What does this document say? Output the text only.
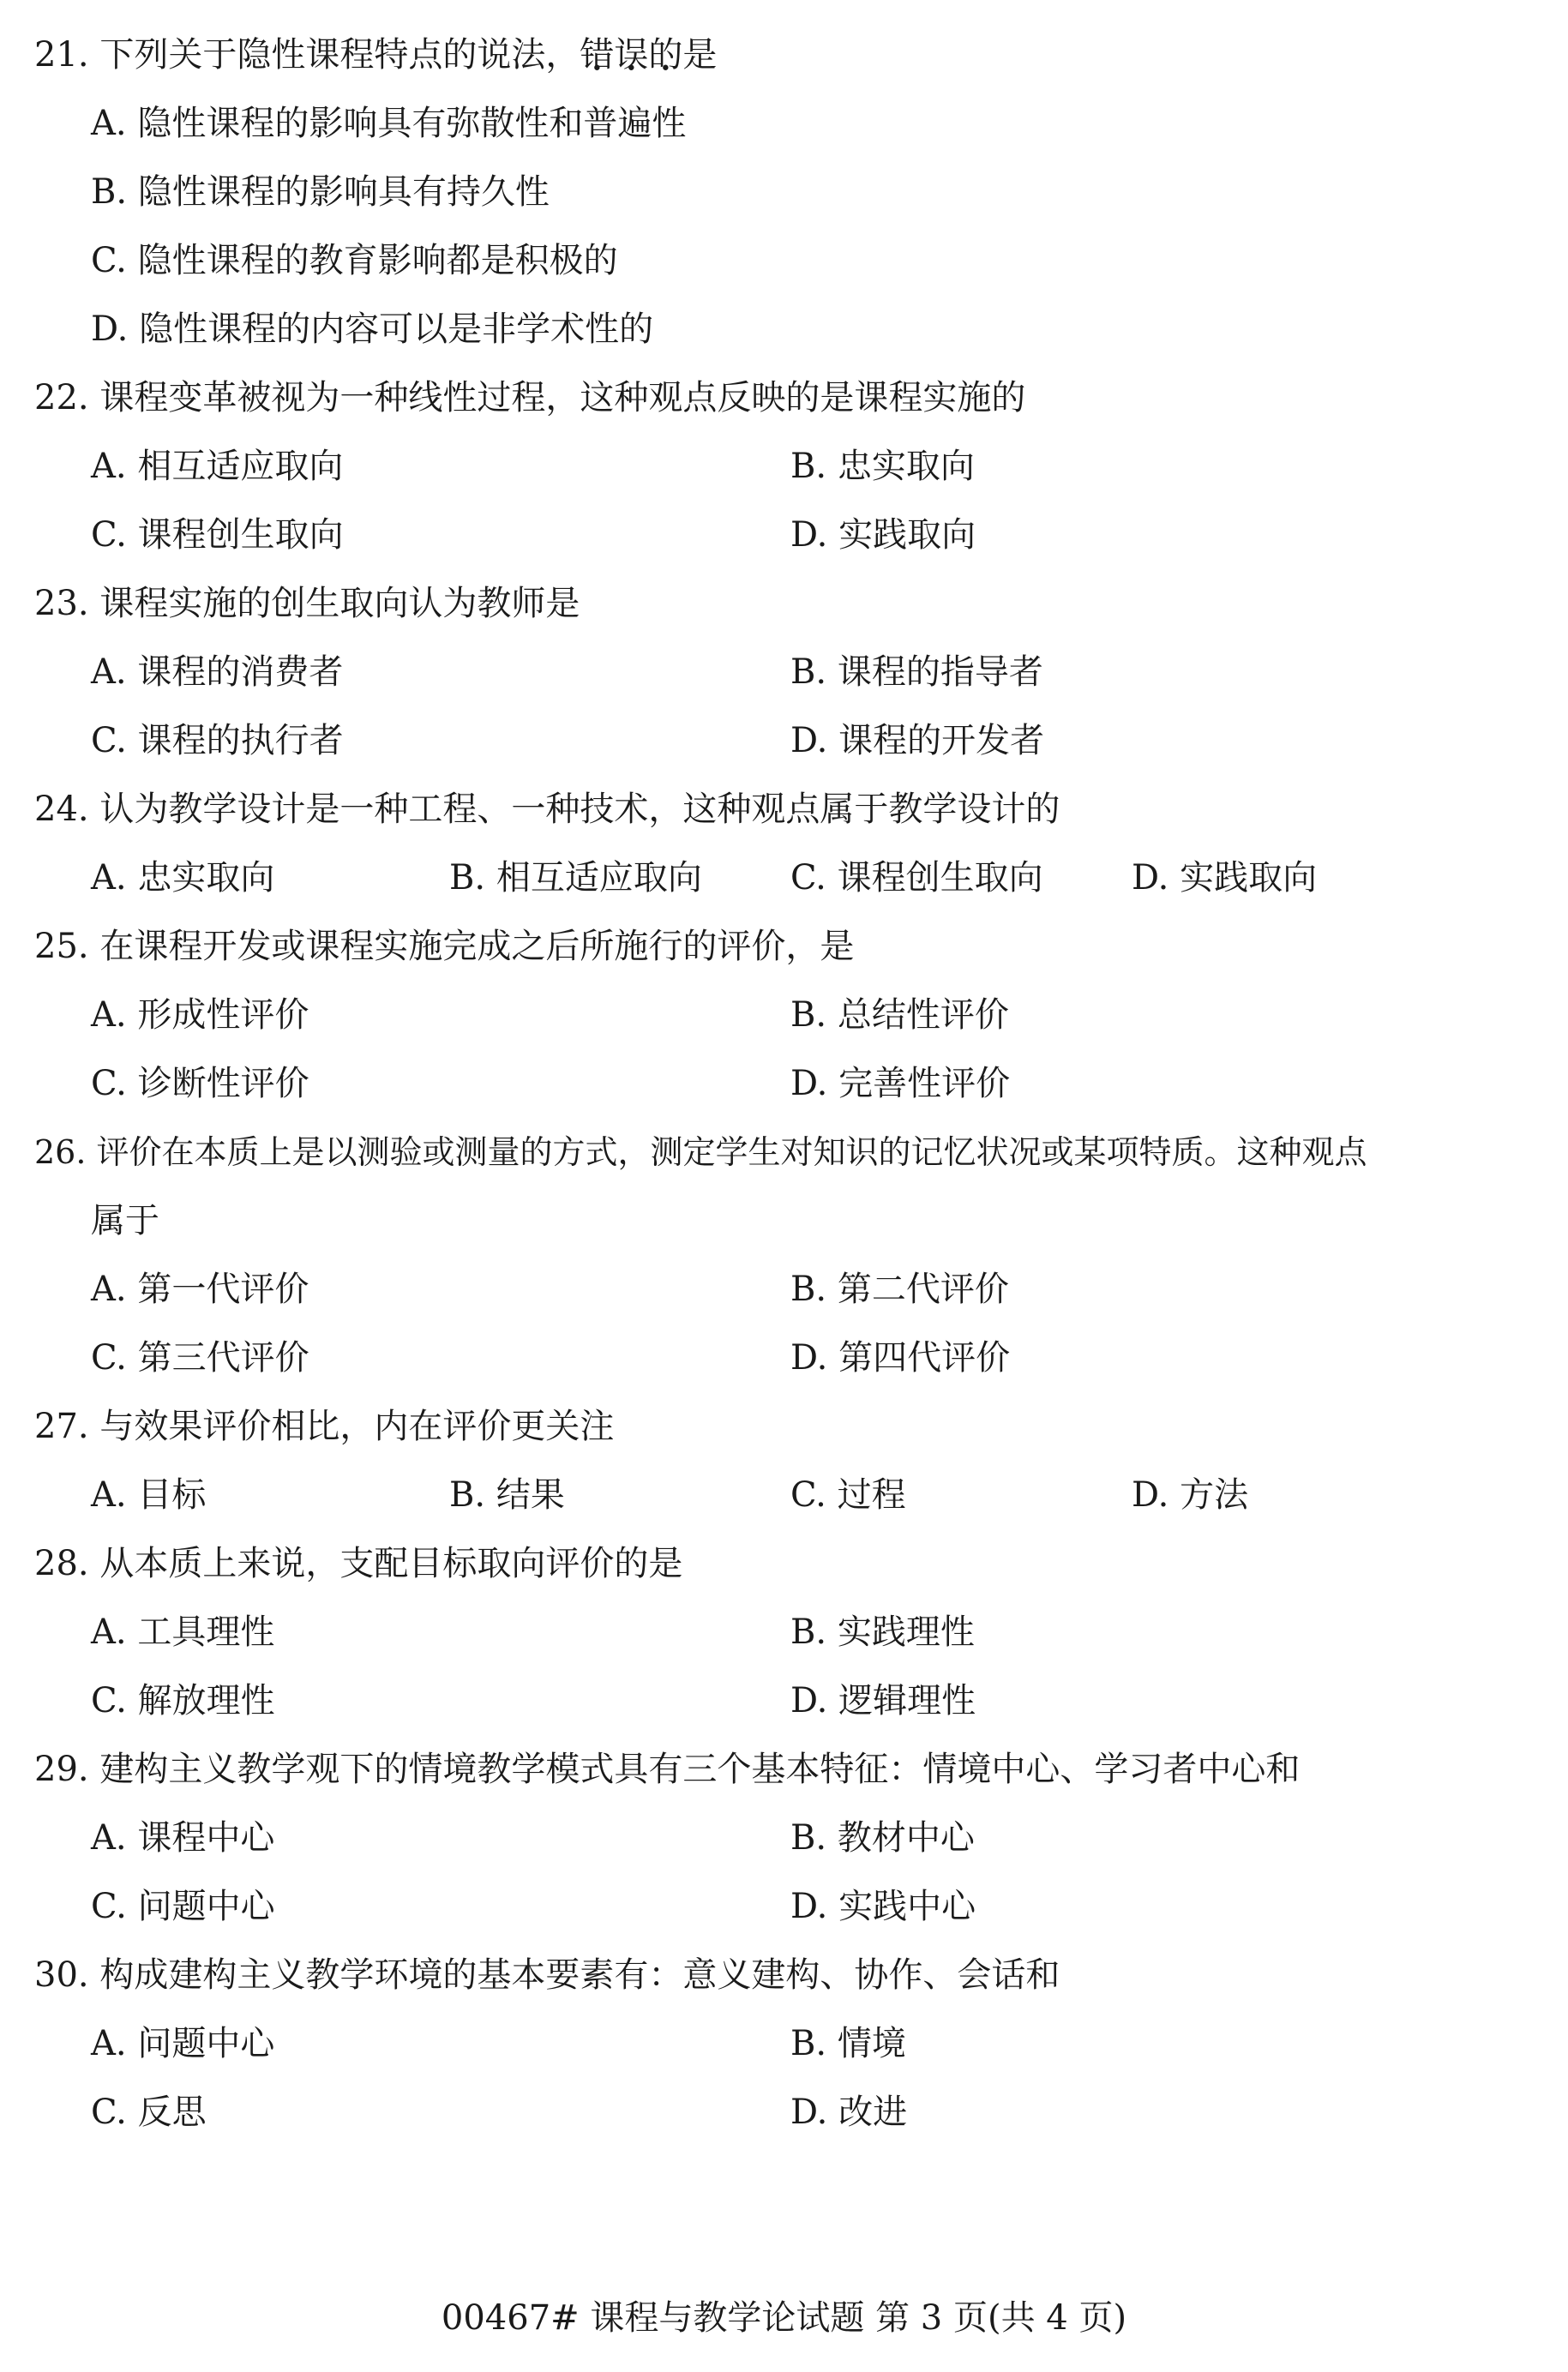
21. 下列关于隐性课程特点的说法，错误的是
A. 隐性课程的影响具有弥散性和普遍性
B. 隐性课程的影响具有持久性
C. 隐性课程的教育影响都是积极的
D. 隐性课程的内容可以是非学术性的
22. 课程变革被视为一种线性过程，这种观点反映的是课程实施的
A. 相互适应取向	B. 忠实取向
C. 课程创生取向	D. 实践取向
23. 课程实施的创生取向认为教师是
A. 课程的消费者	B. 课程的指导者
C. 课程的执行者	D. 课程的开发者
24. 认为教学设计是一种工程、一种技术，这种观点属于教学设计的
A. 忠实取向	B. 相互适应取向	C. 课程创生取向	D. 实践取向
25. 在课程开发或课程实施完成之后所施行的评价，是
A. 形成性评价	B. 总结性评价
C. 诊断性评价	D. 完善性评价
26. 评价在本质上是以测验或测量的方式，测定学生对知识的记忆状况或某项特质。这种观点
属于
A. 第一代评价	B. 第二代评价
C. 第三代评价	D. 第四代评价
27. 与效果评价相比，内在评价更关注
A. 目标	B. 结果	C. 过程	D. 方法
28. 从本质上来说，支配目标取向评价的是
A. 工具理性	B. 实践理性
C. 解放理性	D. 逻辑理性
29. 建构主义教学观下的情境教学模式具有三个基本特征：情境中心、学习者中心和
A. 课程中心	B. 教材中心
C. 问题中心	D. 实践中心
30. 构成建构主义教学环境的基本要素有：意义建构、协作、会话和
A. 问题中心	B. 情境
C. 反思	D. 改进
00467# 课程与教学论试题 第 3 页(共 4 页)
